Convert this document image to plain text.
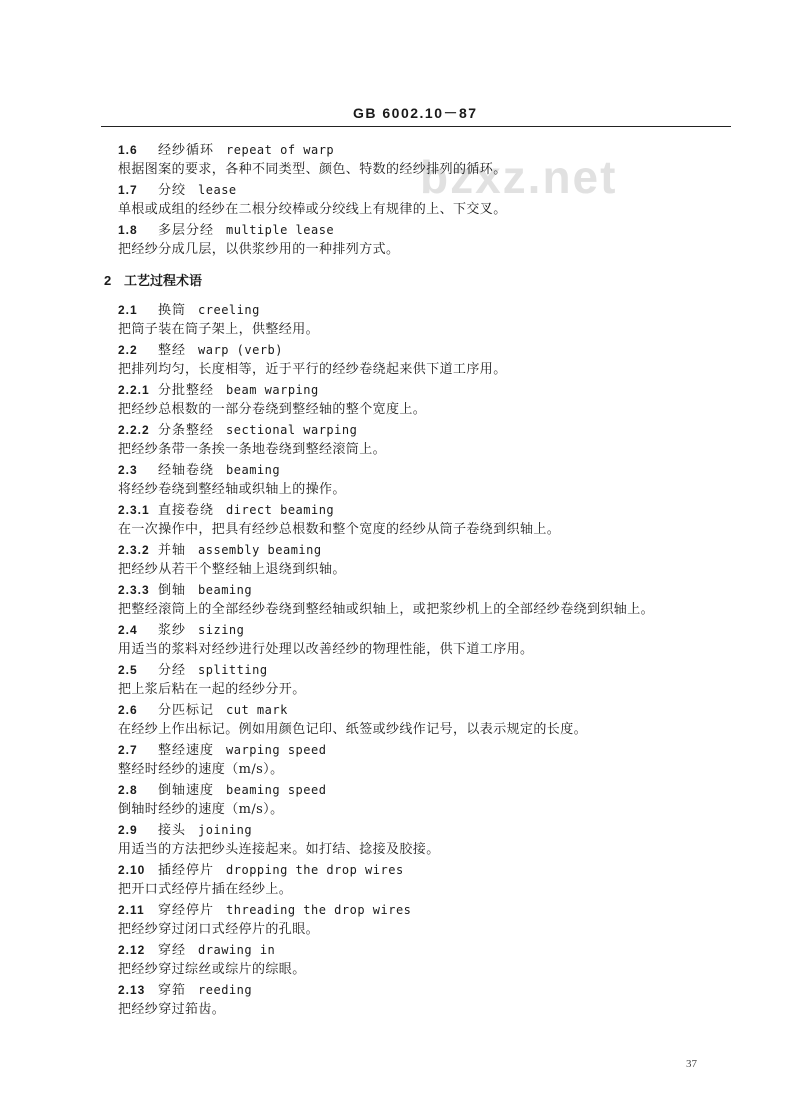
GB 6002.10－87
bzxz.net
1.6 经纱循环 repeat of warp
根据图案的要求，各种不同类型、颜色、特数的经纱排列的循环。
1.7 分绞 lease
单根或成组的经纱在二根分绞棒或分绞线上有规律的上、下交叉。
1.8 多层分经 multiple lease
把经纱分成几层，以供浆纱用的一种排列方式。
2 工艺过程术语
2.1 换筒 creeling
把筒子装在筒子架上，供整经用。
2.2 整经 warp (verb)
把排列均匀，长度相等，近于平行的经纱卷绕起来供下道工序用。
2.2.1 分批整经 beam warping
把经纱总根数的一部分卷绕到整经轴的整个宽度上。
2.2.2 分条整经 sectional warping
把经纱条带一条挨一条地卷绕到整经滚筒上。
2.3 经轴卷绕 beaming
将经纱卷绕到整经轴或织轴上的操作。
2.3.1 直接卷绕 direct beaming
在一次操作中，把具有经纱总根数和整个宽度的经纱从筒子卷绕到织轴上。
2.3.2 并轴 assembly beaming
把经纱从若干个整经轴上退绕到织轴。
2.3.3 倒轴 beaming
把整经滚筒上的全部经纱卷绕到整经轴或织轴上，或把浆纱机上的全部经纱卷绕到织轴上。
2.4 浆纱 sizing
用适当的浆料对经纱进行处理以改善经纱的物理性能，供下道工序用。
2.5 分经 splitting
把上浆后粘在一起的经纱分开。
2.6 分匹标记 cut mark
在经纱上作出标记。例如用颜色记印、纸签或纱线作记号，以表示规定的长度。
2.7 整经速度 warping speed
整经时经纱的速度（m/s）。
2.8 倒轴速度 beaming speed
倒轴时经纱的速度（m/s）。
2.9 接头 joining
用适当的方法把纱头连接起来。如打结、捻接及胶接。
2.10 插经停片 dropping the drop wires
把开口式经停片插在经纱上。
2.11 穿经停片 threading the drop wires
把经纱穿过闭口式经停片的孔眼。
2.12 穿经 drawing in
把经纱穿过综丝或综片的综眼。
2.13 穿筘 reeding
把经纱穿过筘齿。
37
